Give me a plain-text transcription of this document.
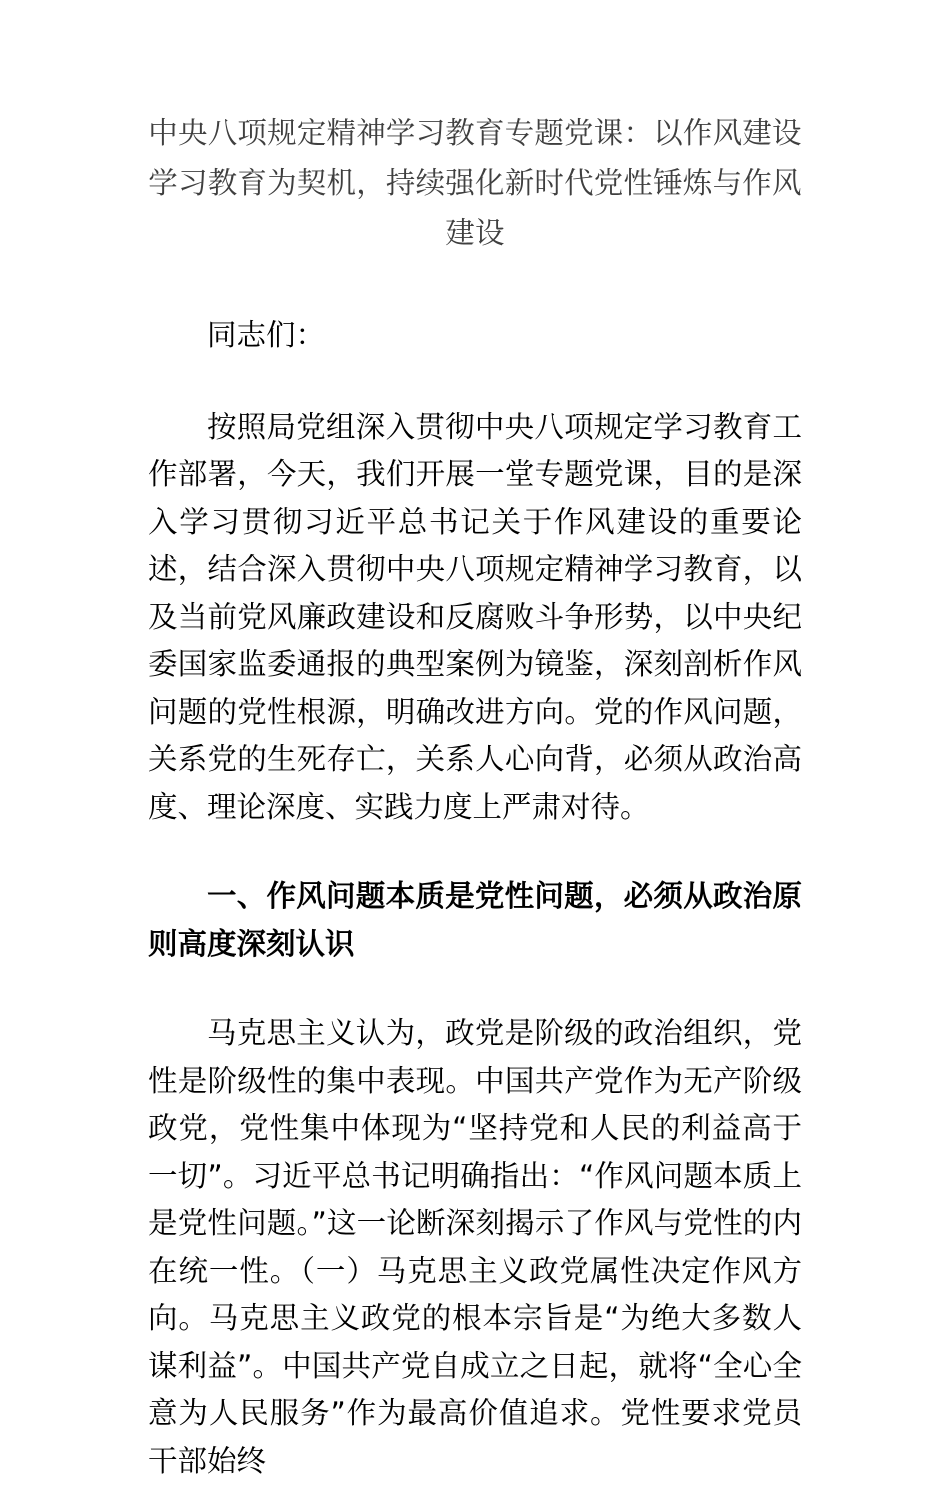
中央八项规定精神学习教育专题党课：以作风建设学习教育为契机，持续强化新时代党性锤炼与作风建设

同志们：

按照局党组深入贯彻中央八项规定学习教育工作部署，今天，我们开展一堂专题党课，目的是深入学习贯彻习近平总书记关于作风建设的重要论述，结合深入贯彻中央八项规定精神学习教育，以及当前党风廉政建设和反腐败斗争形势，以中央纪委国家监委通报的典型案例为镜鉴，深刻剖析作风问题的党性根源，明确改进方向。党的作风问题，关系党的生死存亡，关系人心向背，必须从政治高度、理论深度、实践力度上严肃对待。

一、作风问题本质是党性问题，必须从政治原则高度深刻认识

马克思主义认为，政党是阶级的政治组织，党性是阶级性的集中表现。中国共产党作为无产阶级政党，党性集中体现为“坚持党和人民的利益高于一切”。习近平总书记明确指出：“作风问题本质上是党性问题。”这一论断深刻揭示了作风与党性的内在统一性。（一）马克思主义政党属性决定作风方向。马克思主义政党的根本宗旨是“为绝大多数人谋利益”。中国共产党自成立之日起，就将“全心全意为人民服务”作为最高价值追求。党性要求党员干部始终
